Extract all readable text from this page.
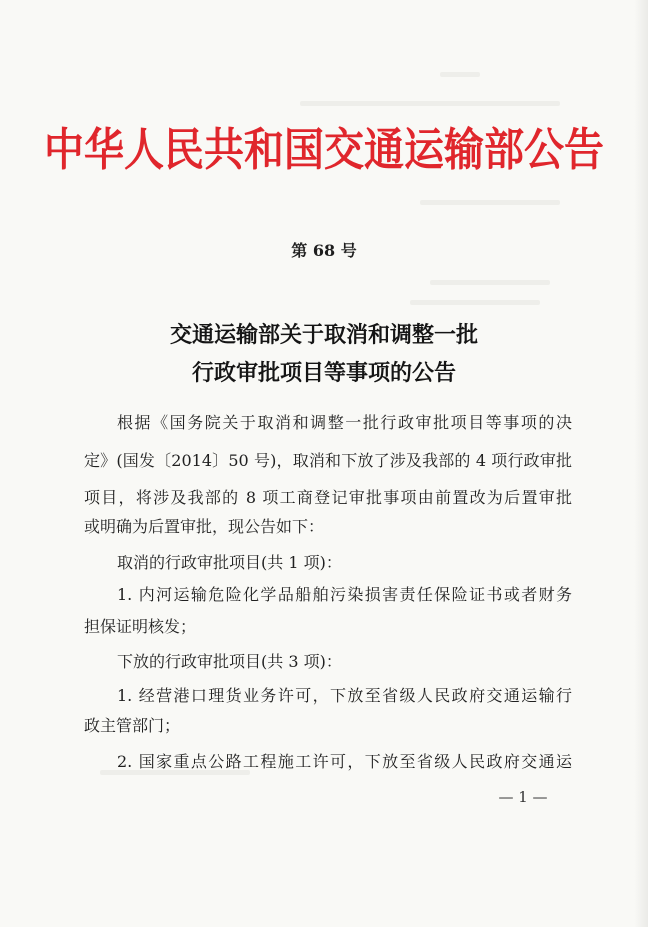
中华人民共和国交通运输部公告
第 68 号
交通运输部关于取消和调整一批
行政审批项目等事项的公告
根据《国务院关于取消和调整一批行政审批项目等事项的决
定》(国发〔2014〕50 号)，取消和下放了涉及我部的 4 项行政审批
项目，将涉及我部的 8 项工商登记审批事项由前置改为后置审批
或明确为后置审批，现公告如下：
取消的行政审批项目(共 1 项)：
1. 内河运输危险化学品船舶污染损害责任保险证书或者财务
担保证明核发；
下放的行政审批项目(共 3 项)：
1. 经营港口理货业务许可，下放至省级人民政府交通运输行
政主管部门；
2. 国家重点公路工程施工许可，下放至省级人民政府交通运
— 1 —
